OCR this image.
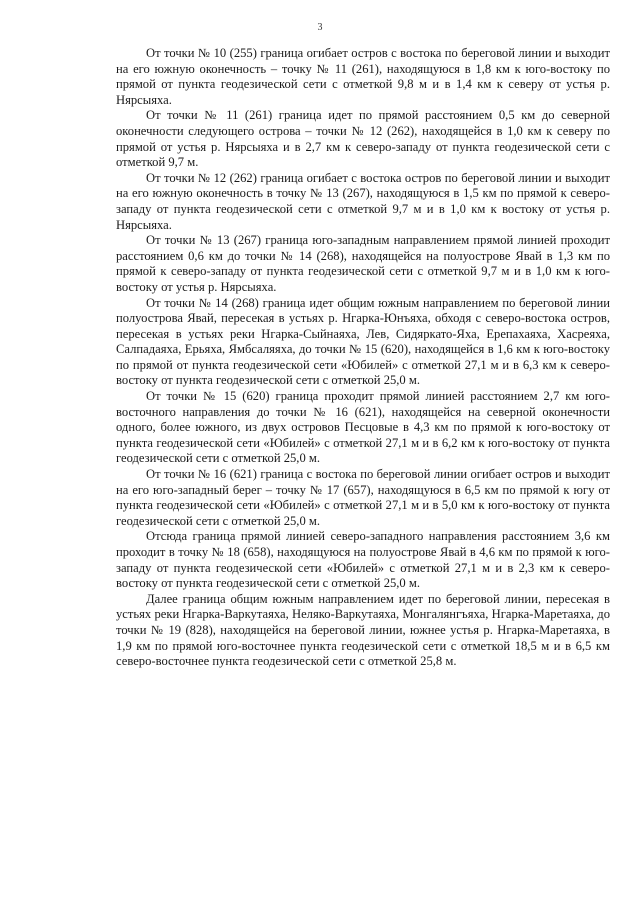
3

От точки № 10 (255) граница огибает остров с востока по береговой линии и выходит на его южную оконечность – точку № 11 (261), находящуюся в 1,8 км к юго-востоку по прямой от пункта геодезической сети с отметкой 9,8 м и в 1,4 км к северу от устья р. Нярсыяха.

От точки № 11 (261) граница идет по прямой расстоянием 0,5 км до северной оконечности следующего острова – точки № 12 (262), находящейся в 1,0 км к северу по прямой от устья р. Нярсыяха и в 2,7 км к северо-западу от пункта геодезической сети с отметкой 9,7 м.

От точки № 12 (262) граница огибает с востока остров по береговой линии и выходит на его южную оконечность в точку № 13 (267), находящуюся в 1,5 км по прямой к северо-западу от пункта геодезической сети с отметкой 9,7 м и в 1,0 км к востоку от устья р. Нярсыяха.

От точки № 13 (267) граница юго-западным направлением прямой линией проходит расстоянием 0,6 км до точки № 14 (268), находящейся на полуострове Явай в 1,3 км по прямой к северо-западу от пункта геодезической сети с отметкой 9,7 м и в 1,0 км к юго-востоку от устья р. Нярсыяха.

От точки № 14 (268) граница идет общим южным направлением по береговой линии полуострова Явай, пересекая в устьях р. Нгарка-Юнъяха, обходя с северо-востока остров, пересекая в устьях реки Нгарка-Сыйнаяха, Лев, Сидяркато-Яха, Ерепахаяха, Хасреяха, Салпадаяха, Ерьяха, Ямбсаляяха, до точки № 15 (620), находящейся в 1,6 км к юго-востоку по прямой от пункта геодезической сети «Юбилей» с отметкой 27,1 м и в 6,3 км к северо-востоку от пункта геодезической сети с отметкой 25,0 м.

От точки № 15 (620) граница проходит прямой линией расстоянием 2,7 км юго-восточного направления до точки № 16 (621), находящейся на северной оконечности одного, более южного, из двух островов Песцовые в 4,3 км по прямой к юго-востоку от пункта геодезической сети «Юбилей» с отметкой 27,1 м и в 6,2 км к юго-востоку от пункта геодезической сети с отметкой 25,0 м.

От точки № 16 (621) граница с востока по береговой линии огибает остров и выходит на его юго-западный берег – точку № 17 (657), находящуюся в 6,5 км по прямой к югу от пункта геодезической сети «Юбилей» с отметкой 27,1 м и в 5,0 км к юго-востоку от пункта геодезической сети с отметкой 25,0 м.

Отсюда граница прямой линией северо-западного направления расстоянием 3,6 км проходит в точку № 18 (658), находящуюся на полуострове Явай в 4,6 км по прямой к юго-западу от пункта геодезической сети «Юбилей» с отметкой 27,1 м и в 2,3 км к северо-востоку от пункта геодезической сети с отметкой 25,0 м.

Далее граница общим южным направлением идет по береговой линии, пересекая в устьях реки Нгарка-Варкутаяха, Неляко-Варкутаяха, Монгалянгъяха, Нгарка-Маретаяха, до точки № 19 (828), находящейся на береговой линии, южнее устья р. Нгарка-Маретаяха, в 1,9 км по прямой юго-восточнее пункта геодезической сети с отметкой 18,5 м и в 6,5 км северо-восточнее пункта геодезической сети с отметкой 25,8 м.
